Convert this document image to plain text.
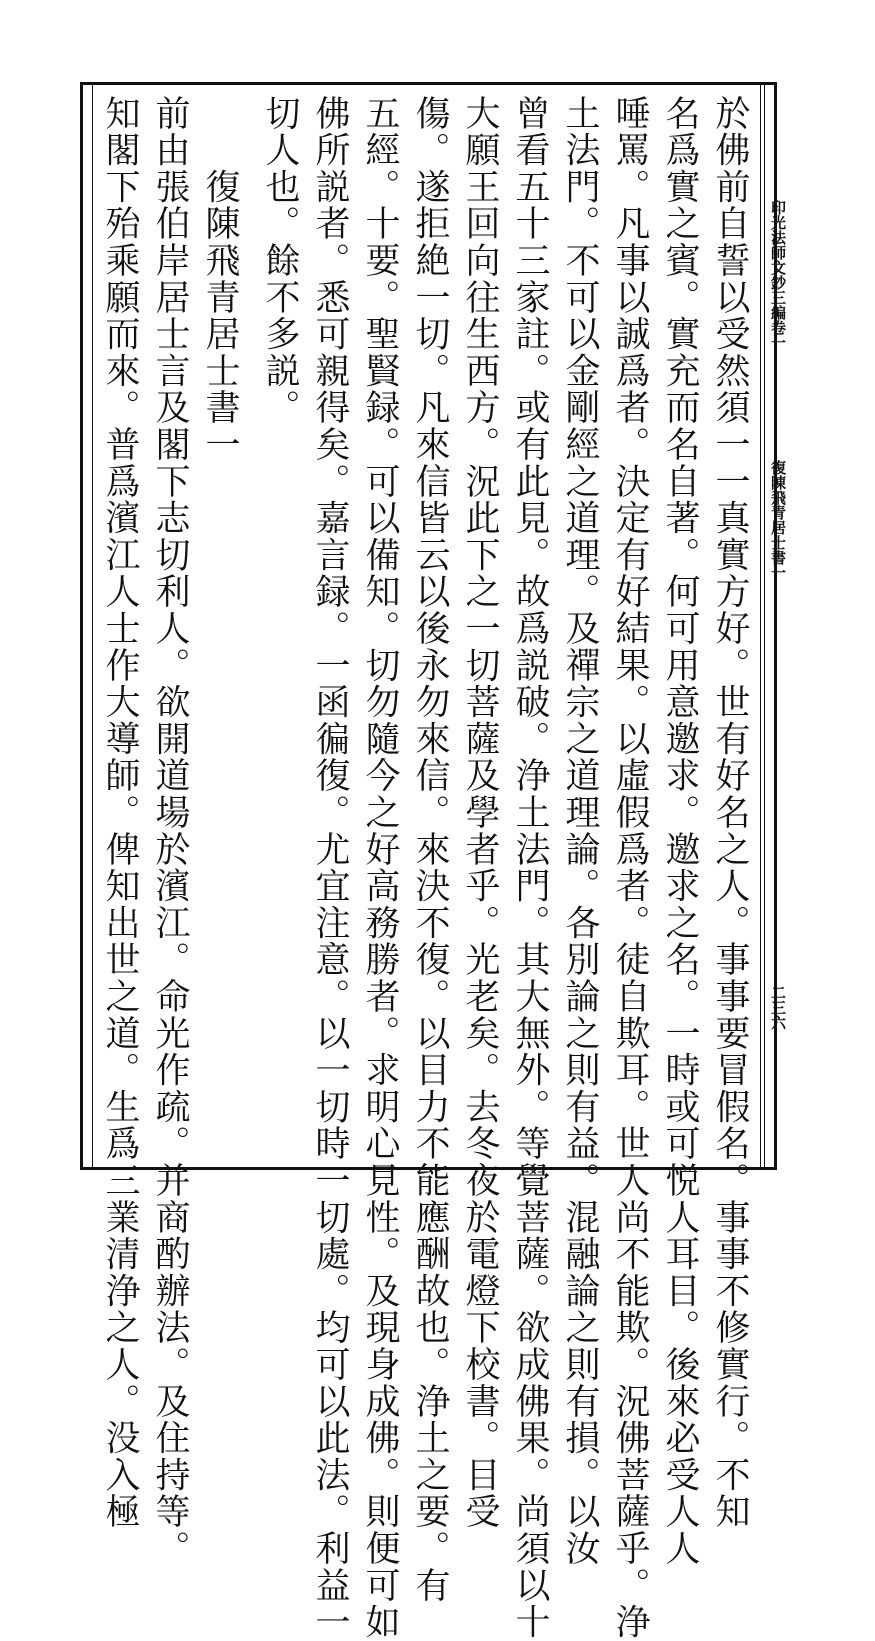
印光法師文鈔三編卷一
復陳飛青居士書一
二三六
於佛前自誓以受然須一一真實方好。世有好名之人。事事要冒假名。事事不修實行。不知
名爲實之賓。實充而名自著。何可用意邀求。邀求之名。一時或可悦人耳目。後來必受人人
唾罵。凡事以誠爲者。決定有好結果。以虛假爲者。徒自欺耳。世人尚不能欺。況佛菩薩乎。浄
土法門。不可以金剛經之道理。及禪宗之道理論。各別論之則有益。混融論之則有損。以汝
曾看五十三家註。或有此見。故爲説破。浄土法門。其大無外。等覺菩薩。欲成佛果。尚須以十
大願王回向往生西方。況此下之一切菩薩及學者乎。光老矣。去冬夜於電燈下校書。目受
傷。遂拒絶一切。凡來信皆云以後永勿來信。來決不復。以目力不能應酬故也。浄土之要。有
五經。十要。聖賢録。可以備知。切勿隨今之好高務勝者。求明心見性。及現身成佛。則便可如
佛所説者。悉可親得矣。嘉言録。一函徧復。尤宜注意。以一切時一切處。均可以此法。利益一
切人也。餘不多説。
　　復陳飛青居士書一
前由張伯岸居士言及閣下志切利人。欲開道場於濱江。命光作疏。并商酌辦法。及住持等。
知閣下殆乘願而來。普爲濱江人士作大導師。俾知出世之道。生爲三業清浄之人。没入極
